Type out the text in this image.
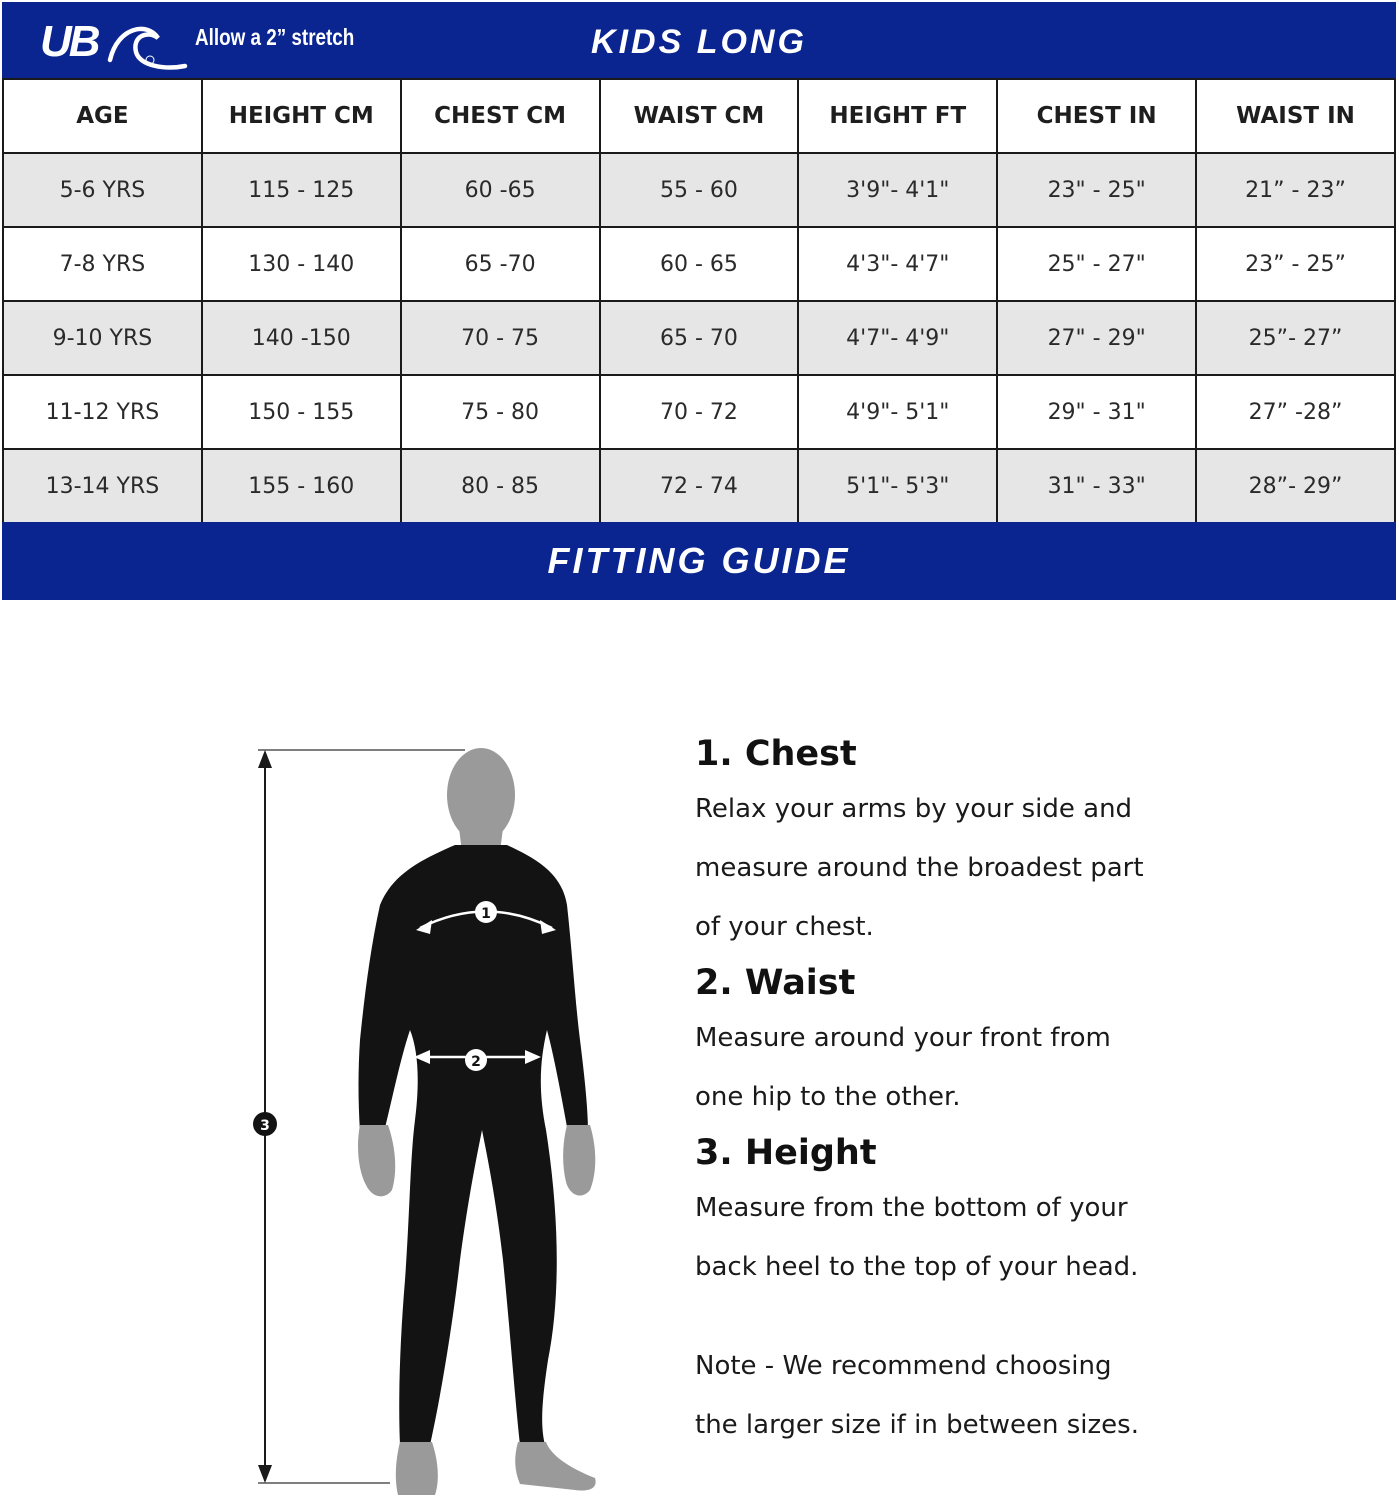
UB	Allow a 2” stretch	KIDS LONG
AGE	HEIGHT CM	CHEST CM	WAIST CM	HEIGHT FT	CHEST IN	WAIST IN
5-6 YRS	115 - 125	60 -65	55 - 60	3'9"- 4'1"	23" - 25"	21” - 23”
7-8 YRS	130 - 140	65 -70	60 - 65	4'3"- 4'7"	25" - 27"	23” - 25”
9-10 YRS	140 -150	70 - 75	65 - 70	4'7"- 4'9"	27" - 29"	25”- 27”
11-12 YRS	150 - 155	75 - 80	70 - 72	4'9"- 5'1"	29" - 31"	27” -28”
13-14 YRS	155 - 160	80 - 85	72 - 74	5'1"- 5'3"	31" - 33"	28”- 29”
FITTING GUIDE
1
2
3
1. Chest

Relax your arms by your side and

measure around the broadest part

of your chest.

2. Waist

Measure around your front from

one hip to the other.

3. Height

Measure from the bottom of your

back heel to the top of your head.

Note - We recommend choosing

the larger size if in between sizes.
